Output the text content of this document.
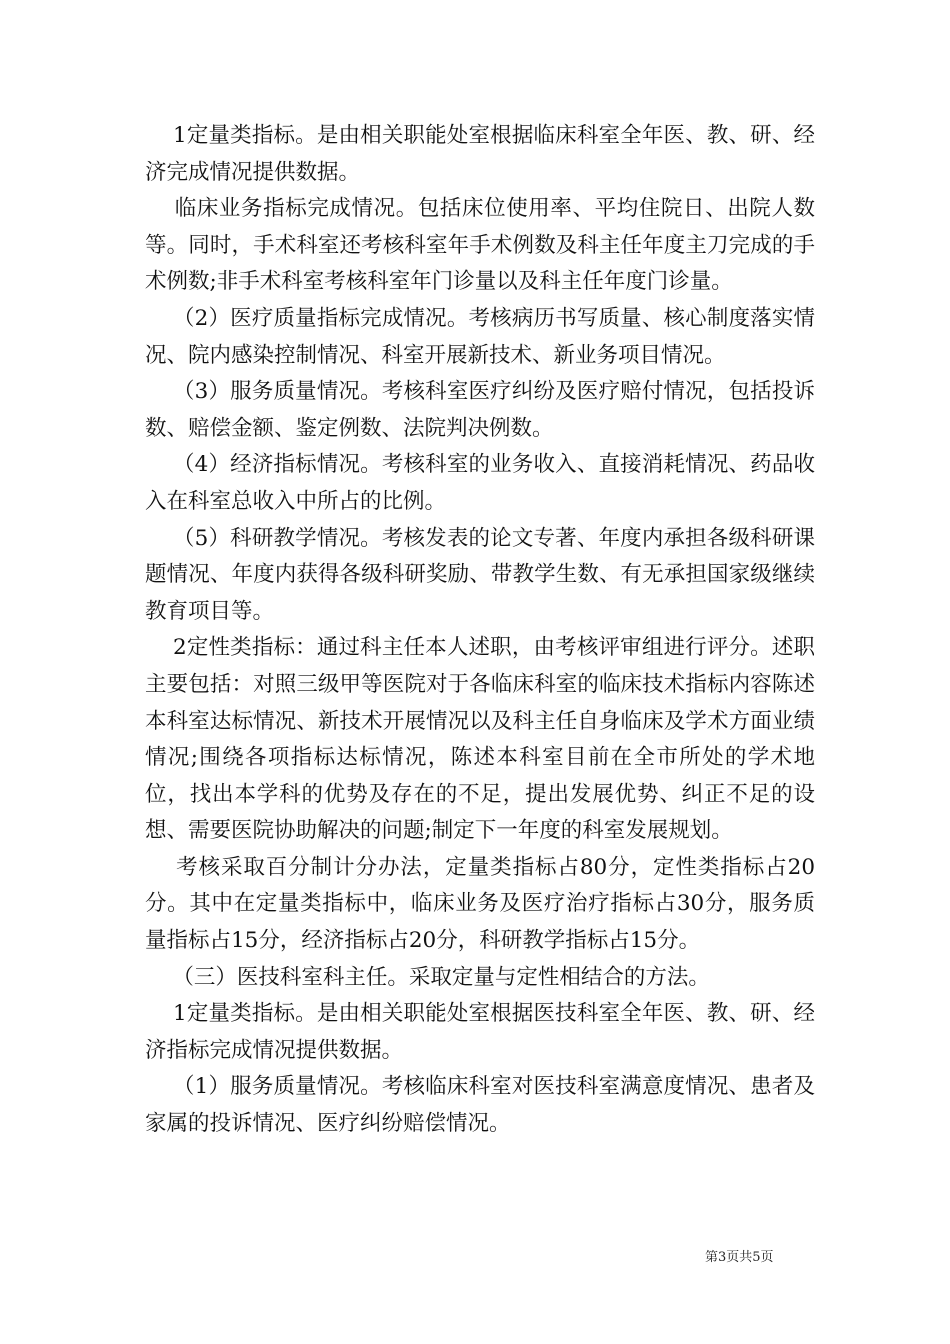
1定量类指标。是由相关职能处室根据临床科室全年医、教、研、经济完成情况提供数据。

临床业务指标完成情况。包括床位使用率、平均住院日、出院人数等。同时，手术科室还考核科室年手术例数及科主任年度主刀完成的手术例数;非手术科室考核科室年门诊量以及科主任年度门诊量。

（2）医疗质量指标完成情况。考核病历书写质量、核心制度落实情况、院内感染控制情况、科室开展新技术、新业务项目情况。

（3）服务质量情况。考核科室医疗纠纷及医疗赔付情况，包括投诉数、赔偿金额、鉴定例数、法院判决例数。

（4）经济指标情况。考核科室的业务收入、直接消耗情况、药品收入在科室总收入中所占的比例。

（5）科研教学情况。考核发表的论文专著、年度内承担各级科研课题情况、年度内获得各级科研奖励、带教学生数、有无承担国家级继续教育项目等。

2定性类指标：通过科主任本人述职，由考核评审组进行评分。述职主要包括：对照三级甲等医院对于各临床科室的临床技术指标内容陈述本科室达标情况、新技术开展情况以及科主任自身临床及学术方面业绩情况;围绕各项指标达标情况，陈述本科室目前在全市所处的学术地位，找出本学科的优势及存在的不足，提出发展优势、纠正不足的设想、需要医院协助解决的问题;制定下一年度的科室发展规划。

考核采取百分制计分办法，定量类指标占80分，定性类指标占20分。其中在定量类指标中，临床业务及医疗治疗指标占30分，服务质量指标占15分，经济指标占20分，科研教学指标占15分。

（三）医技科室科主任。采取定量与定性相结合的方法。

1定量类指标。是由相关职能处室根据医技科室全年医、教、研、经济指标完成情况提供数据。

（1）服务质量情况。考核临床科室对医技科室满意度情况、患者及家属的投诉情况、医疗纠纷赔偿情况。

第3页共5页
